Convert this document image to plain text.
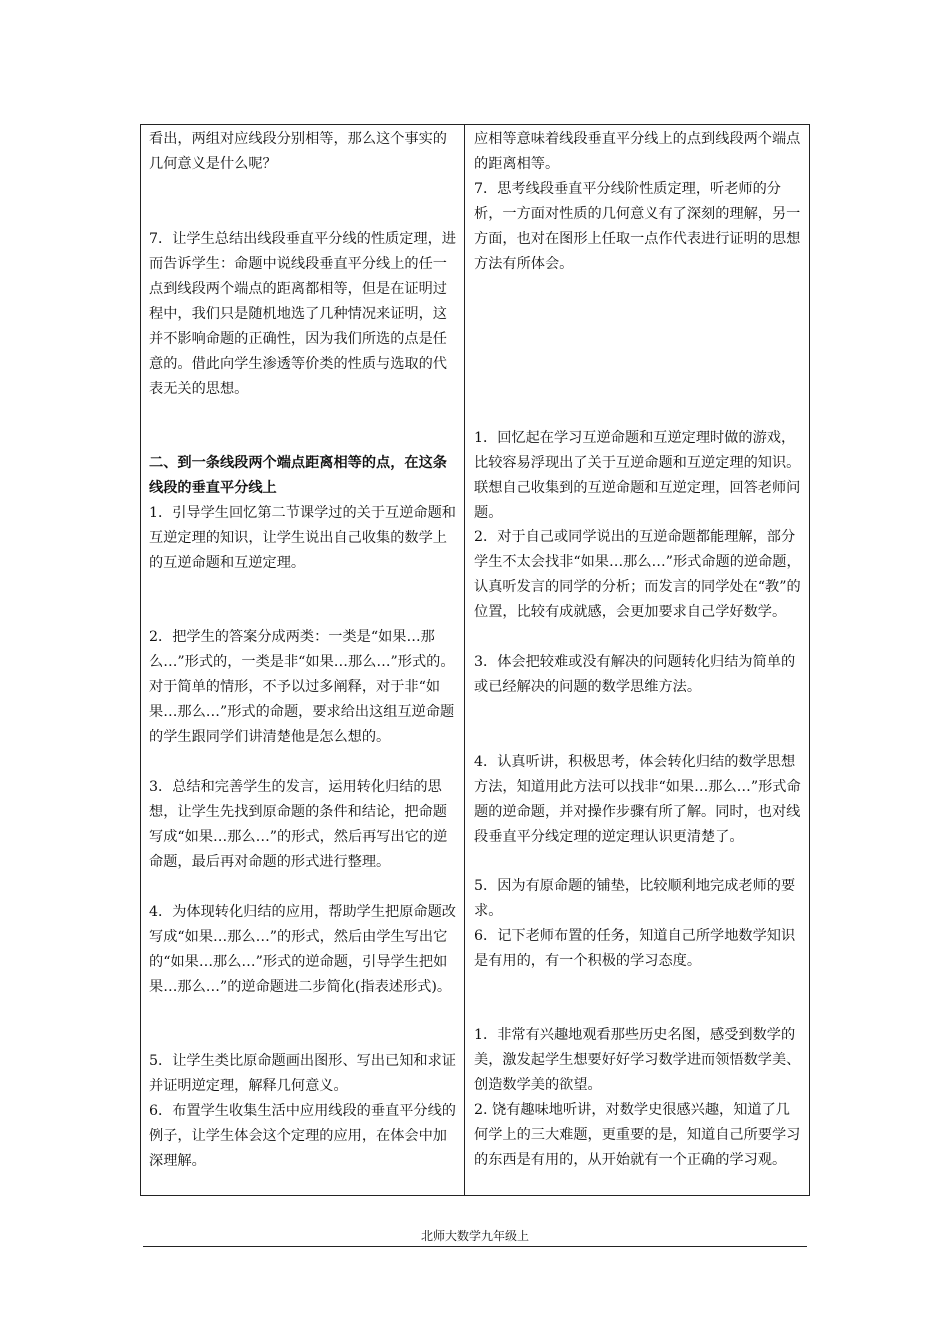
看出，两组对应线段分别相等，那么这个事实的几何意义是什么呢？

7．让学生总结出线段垂直平分线的性质定理，进而告诉学生：命题中说线段垂直平分线上的任一点到线段两个端点的距离都相等，但是在证明过程中，我们只是随机地选了几种情况来证明，这并不影响命题的正确性，因为我们所选的点是任意的。借此向学生渗透等价类的性质与选取的代表无关的思想。

二、到一条线段两个端点距离相等的点，在这条线段的垂直平分线上

1．引导学生回忆第二节课学过的关于互逆命题和互逆定理的知识，让学生说出自己收集的数学上的互逆命题和互逆定理。

2．把学生的答案分成两类：一类是“如果…那么…”形式的，一类是非“如果…那么…”形式的。对于简单的情形，不予以过多阐释，对于非“如果…那么…”形式的命题，要求给出这组互逆命题的学生跟同学们讲清楚他是怎么想的。

3．总结和完善学生的发言，运用转化归结的思想，让学生先找到原命题的条件和结论，把命题写成“如果…那么…”的形式，然后再写出它的逆命题，最后再对命题的形式进行整理。

4．为体现转化归结的应用，帮助学生把原命题改写成“如果…那么…”的形式，然后由学生写出它的“如果…那么…”形式的逆命题，引导学生把如果…那么…”的逆命题进二步简化(指表述形式)。

5．让学生类比原命题画出图形、写出已知和求证并证明逆定理，解释几何意义。

6．布置学生收集生活中应用线段的垂直平分线的例子，让学生体会这个定理的应用，在体会中加深理解。

应相等意味着线段垂直平分线上的点到线段两个端点的距离相等。

7．思考线段垂直平分线阶性质定理，听老师的分析，一方面对性质的几何意义有了深刻的理解，另一方面，也对在图形上任取一点作代表进行证明的思想方法有所体会。

1．回忆起在学习互逆命题和互逆定理时做的游戏，比较容易浮现出了关于互逆命题和互逆定理的知识。联想自己收集到的互逆命题和互逆定理，回答老师问题。

2．对于自己或同学说出的互逆命题都能理解，部分学生不太会找非“如果…那么…”形式命题的逆命题，认真听发言的同学的分析；而发言的同学处在“教”的位置，比较有成就感，会更加要求自己学好数学。

3．体会把较难或没有解决的问题转化归结为简单的或已经解决的问题的数学思维方法。

4．认真听讲，积极思考，体会转化归结的数学思想方法，知道用此方法可以找非“如果…那么…”形式命题的逆命题，并对操作步骤有所了解。同时，也对线段垂直平分线定理的逆定理认识更清楚了。

5．因为有原命题的铺垫，比较顺利地完成老师的要求。

6．记下老师布置的任务，知道自己所学地数学知识是有用的，有一个积极的学习态度。

1．非常有兴趣地观看那些历史名图，感受到数学的美，激发起学生想要好好学习数学进而领悟数学美、创造数学美的欲望。

2. 饶有趣味地听讲，对数学史很感兴趣，知道了几何学上的三大难题，更重要的是，知道自己所要学习的东西是有用的，从开始就有一个正确的学习观。

北师大数学九年级上
